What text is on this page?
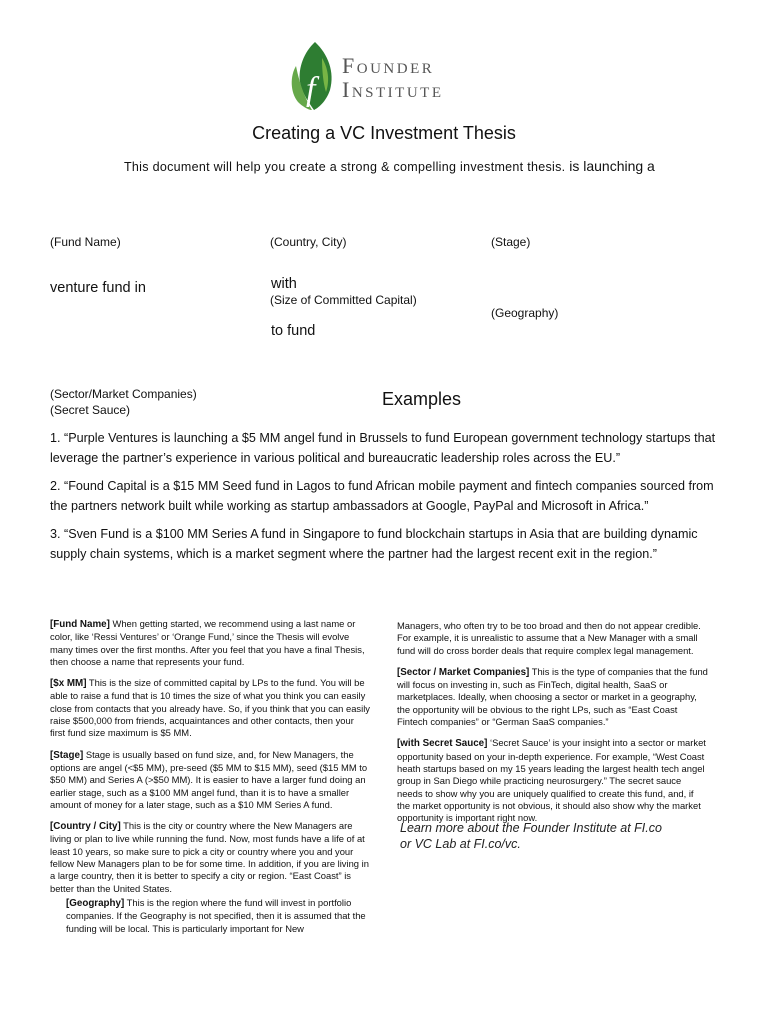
f
Founder
Institute
Creating a VC Investment Thesis
This document will help you create a strong & compelling investment thesis. is launching a
(Fund Name)	(Country, City)	(Stage)
venture fund in	with
(Size of Committed Capital)
(Geography)
to fund
(Sector/Market Companies)
(Secret Sauce)
Examples
1. “Purple Ventures is launching a $5 MM angel fund in Brussels to fund European government technology startups that leverage the partner’s experience in various political and bureaucratic leadership roles across the EU.”
2. “Found Capital is a $15 MM Seed fund in Lagos to fund African mobile payment and fintech companies sourced from the partners network built while working as startup ambassadors at Google, PayPal and Microsoft in Africa.”
3. “Sven Fund is a $100 MM Series A fund in Singapore to fund blockchain startups in Asia that are building dynamic supply chain systems, which is a market segment where the partner had the largest recent exit in the region.”

[Fund Name] When getting started, we recommend using a last name or color, like ‘Ressi Ventures’ or ‘Orange Fund,’ since the Thesis will evolve many times over the first months. After you feel that you have a final Thesis, then choose a name that represents your fund.

[$x MM] This is the size of committed capital by LPs to the fund. You will be able to raise a fund that is 10 times the size of what you think you can easily close from contacts that you already have. So, if you think that you can easily raise $500,000 from friends, acquaintances and other contacts, then your first fund size maximum is $5 MM.

[Stage] Stage is usually based on fund size, and, for New Managers, the options are angel (<$5 MM), pre-seed ($5 MM to $15 MM), seed ($15 MM to $50 MM) and Series A (>$50 MM). It is easier to have a larger fund doing an earlier stage, such as a $100 MM angel fund, than it is to have a smaller amount of money for a later stage, such as a $10 MM Series A fund.

[Country / City] This is the city or country where the New Managers are living or plan to live while running the fund. Now, most funds have a life of at least 10 years, so make sure to pick a city or country where you and your fellow New Managers plan to be for some time. In addition, if you are living in a large country, then it is better to specify a city or region. “East Coast” is better than the United States.

[Geography] This is the region where the fund will invest in portfolio companies. If the Geography is not specified, then it is assumed that the funding will be local. This is particularly important for New

Managers, who often try to be too broad and then do not appear credible. For example, it is unrealistic to assume that a New Manager with a small fund will do cross border deals that require complex legal management.

[Sector / Market Companies] This is the type of companies that the fund will focus on investing in, such as FinTech, digital health, SaaS or marketplaces. Ideally, when choosing a sector or market in a geography, the opportunity will be obvious to the right LPs, such as “East Coast Fintech companies” or “German SaaS companies.”

[with Secret Sauce] ‘Secret Sauce’ is your insight into a sector or market opportunity based on your in-depth experience. For example, “West Coast heath startups based on my 15 years leading the largest health tech angel group in San Diego while practicing neurosurgery.” The secret sauce needs to show why you are uniquely qualified to create this fund, and, if the market opportunity is not obvious, it should also show why the market opportunity is important right now.

Learn more about the Founder Institute at FI.co
or VC Lab at FI.co/vc.
